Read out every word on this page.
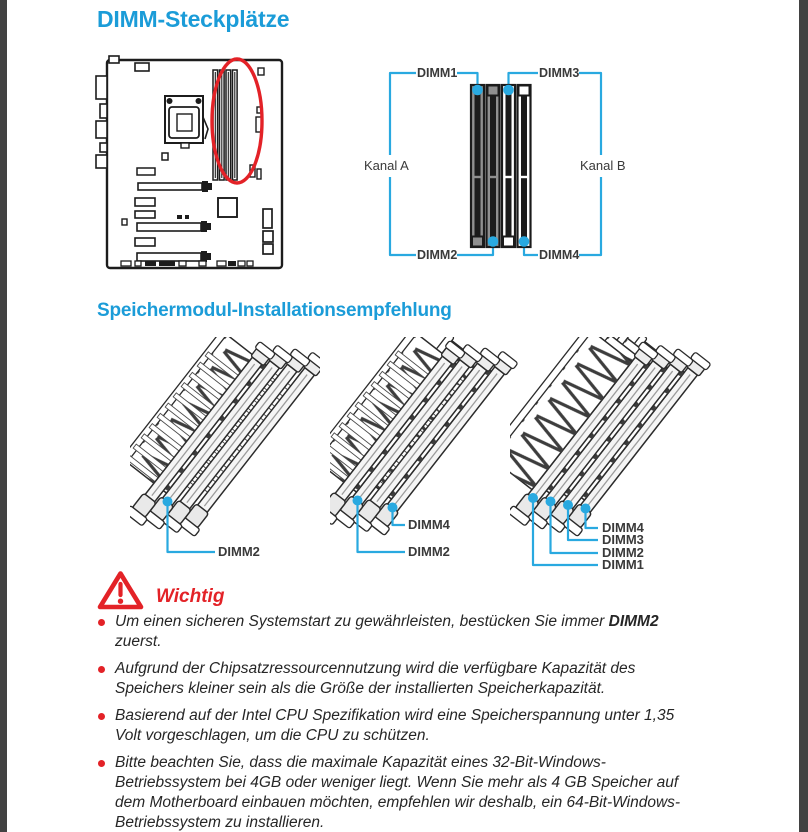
DIMM-Steckplätze
DIMM1	DIMM3
DIMM2	DIMM4
Kanal A	Kanal B
Speichermodul-Installationsempfehlung
DIMM2
DIMM4
DIMM2
DIMM4
DIMM3
DIMM2
DIMM1
Wichtig
Um einen sicheren Systemstart zu gewährleisten, bestücken Sie immer DIMM2 zuerst.
Aufgrund der Chipsatzressourcennutzung wird die verfügbare Kapazität des Speichers kleiner sein als die Größe der installierten Speicherkapazität.
Basierend auf der Intel CPU Spezifikation wird eine Speicherspannung unter 1,35 Volt vorgeschlagen, um die CPU zu schützen.
Bitte beachten Sie, dass die maximale Kapazität eines 32-Bit-Windows-Betriebssystem bei 4GB oder weniger liegt. Wenn Sie mehr als 4 GB Speicher auf dem Motherboard einbauen möchten, empfehlen wir deshalb, ein 64-Bit-Windows-Betriebssystem zu installieren.
